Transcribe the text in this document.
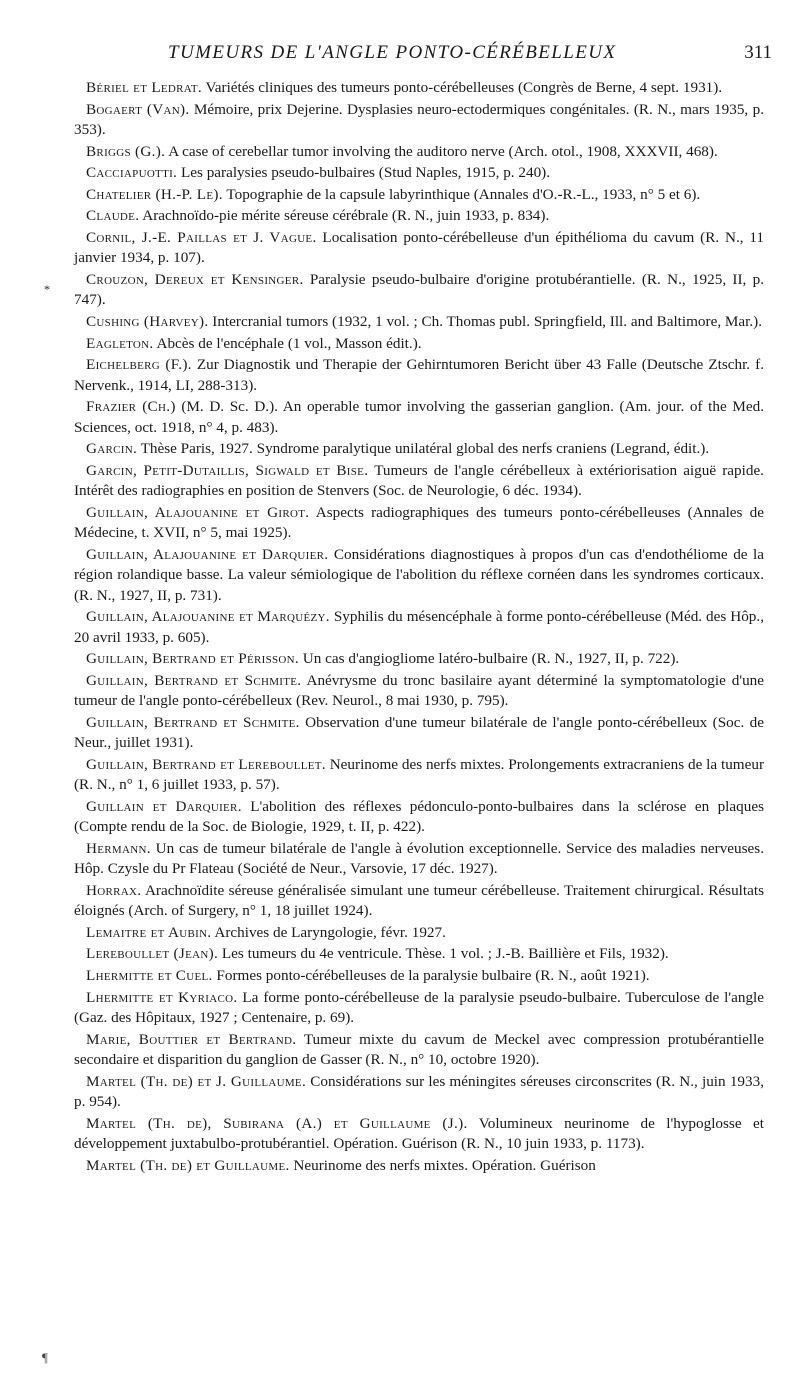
TUMEURS DE L'ANGLE PONTO-CÉRÉBELLEUX	311
*

Bériel et Ledrat. Variétés cliniques des tumeurs ponto-cérébelleuses (Congrès de Berne, 4 sept. 1931).

Bogaert (Van). Mémoire, prix Dejerine. Dysplasies neuro-ectodermiques congénitales. (R. N., mars 1935, p. 353).

Briggs (G.). A case of cerebellar tumor involving the auditoro nerve (Arch. otol., 1908, XXXVII, 468).

Cacciapuotti. Les paralysies pseudo-bulbaires (Stud Naples, 1915, p. 240).

Chatelier (H.-P. Le). Topographie de la capsule labyrinthique (Annales d'O.-R.-L., 1933, n° 5 et 6).

Claude. Arachnoïdo-pie mérite séreuse cérébrale (R. N., juin 1933, p. 834).

Cornil, J.-E. Paillas et J. Vague. Localisation ponto-cérébelleuse d'un épithélioma du cavum (R. N., 11 janvier 1934, p. 107).

Crouzon, Dereux et Kensinger. Paralysie pseudo-bulbaire d'origine protubérantielle. (R. N., 1925, II, p. 747).

Cushing (Harvey). Intercranial tumors (1932, 1 vol. ; Ch. Thomas publ. Springfield, Ill. and Baltimore, Mar.).

Eagleton. Abcès de l'encéphale (1 vol., Masson édit.).

Eichelberg (F.). Zur Diagnostik und Therapie der Gehirntumoren Bericht über 43 Falle (Deutsche Ztschr. f. Nervenk., 1914, LI, 288-313).

Frazier (Ch.) (M. D. Sc. D.). An operable tumor involving the gasserian ganglion. (Am. jour. of the Med. Sciences, oct. 1918, n° 4, p. 483).

Garcin. Thèse Paris, 1927. Syndrome paralytique unilatéral global des nerfs craniens (Legrand, édit.).

Garcin, Petit-Dutaillis, Sigwald et Bise. Tumeurs de l'angle cérébelleux à extériorisation aiguë rapide. Intérêt des radiographies en position de Stenvers (Soc. de Neurologie, 6 déc. 1934).

Guillain, Alajouanine et Girot. Aspects radiographiques des tumeurs ponto-cérébelleuses (Annales de Médecine, t. XVII, n° 5, mai 1925).

Guillain, Alajouanine et Darquier. Considérations diagnostiques à propos d'un cas d'endothéliome de la région rolandique basse. La valeur sémiologique de l'abolition du réflexe cornéen dans les syndromes corticaux. (R. N., 1927, II, p. 731).

Guillain, Alajouanine et Marquézy. Syphilis du mésencéphale à forme ponto-cérébelleuse (Méd. des Hôp., 20 avril 1933, p. 605).

Guillain, Bertrand et Périsson. Un cas d'angiogliome latéro-bulbaire (R. N., 1927, II, p. 722).

Guillain, Bertrand et Schmite. Anévrysme du tronc basilaire ayant déterminé la symptomatologie d'une tumeur de l'angle ponto-cérébelleux (Rev. Neurol., 8 mai 1930, p. 795).

Guillain, Bertrand et Schmite. Observation d'une tumeur bilatérale de l'angle ponto-cérébelleux (Soc. de Neur., juillet 1931).

Guillain, Bertrand et Lereboullet. Neurinome des nerfs mixtes. Prolongements extracraniens de la tumeur (R. N., n° 1, 6 juillet 1933, p. 57).

Guillain et Darquier. L'abolition des réflexes pédonculo-ponto-bulbaires dans la sclérose en plaques (Compte rendu de la Soc. de Biologie, 1929, t. II, p. 422).

Hermann. Un cas de tumeur bilatérale de l'angle à évolution exceptionnelle. Service des maladies nerveuses. Hôp. Czysle du Pr Flateau (Société de Neur., Varsovie, 17 déc. 1927).

Horrax. Arachnoïdite séreuse généralisée simulant une tumeur cérébelleuse. Traitement chirurgical. Résultats éloignés (Arch. of Surgery, n° 1, 18 juillet 1924).

Lemaitre et Aubin. Archives de Laryngologie, févr. 1927.

Lereboullet (Jean). Les tumeurs du 4e ventricule. Thèse. 1 vol. ; J.-B. Baillière et Fils, 1932).

Lhermitte et Cuel. Formes ponto-cérébelleuses de la paralysie bulbaire (R. N., août 1921).

Lhermitte et Kyriaco. La forme ponto-cérébelleuse de la paralysie pseudo-bulbaire. Tuberculose de l'angle (Gaz. des Hôpitaux, 1927 ; Centenaire, p. 69).

Marie, Bouttier et Bertrand. Tumeur mixte du cavum de Meckel avec compression protubérantielle secondaire et disparition du ganglion de Gasser (R. N., n° 10, octobre 1920).

Martel (Th. de) et J. Guillaume. Considérations sur les méningites séreuses circonscrites (R. N., juin 1933, p. 954).

Martel (Th. de), Subirana (A.) et Guillaume (J.). Volumineux neurinome de l'hypoglosse et développement juxtabulbo-protubérantiel. Opération. Guérison (R. N., 10 juin 1933, p. 1173).

Martel (Th. de) et Guillaume. Neurinome des nerfs mixtes. Opération. Guérison

¶
